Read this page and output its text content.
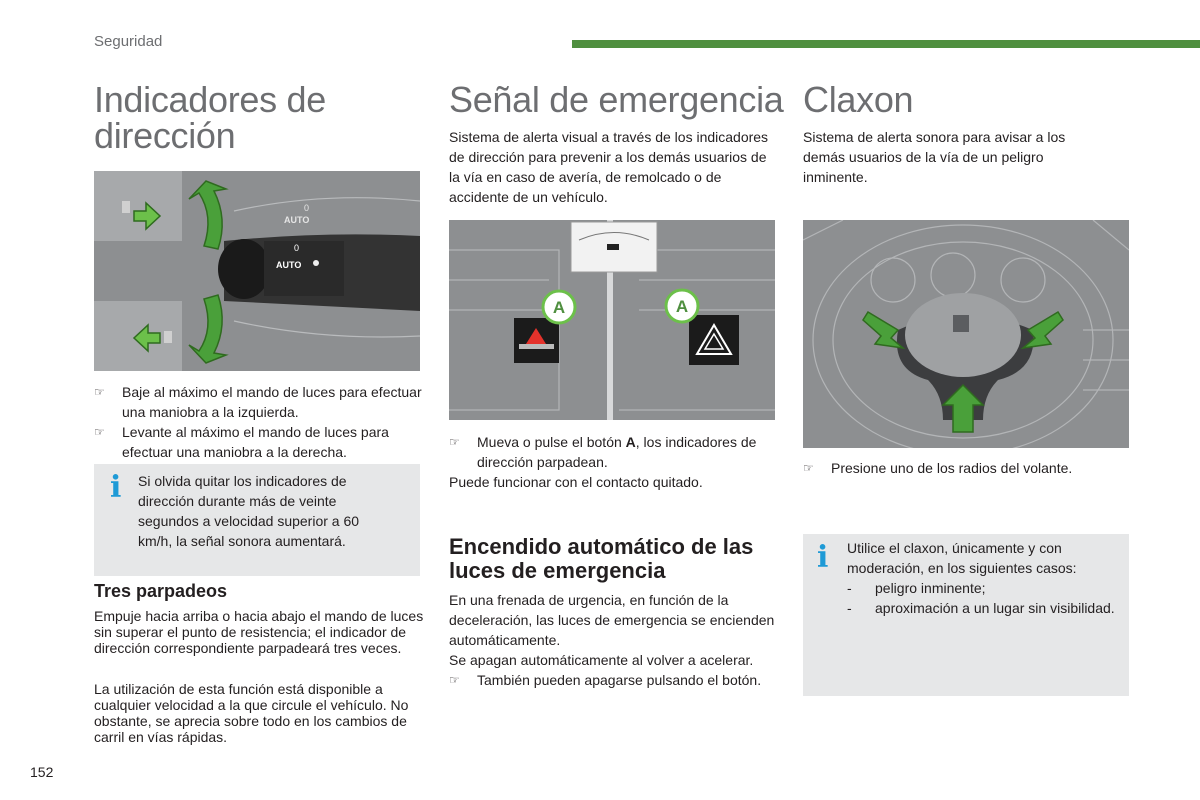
Seguridad
Indicadores de
dirección
AUTO
0
AUTO
0
☞ Baje al máximo el mando de luces para efectuar una maniobra a la izquierda.
☞ Levante al máximo el mando de luces para efectuar una maniobra a la derecha.
i Si olvida quitar los indicadores de dirección durante más de veinte segundos a velocidad superior a 60 km/h, la señal sonora aumentará.
Tres parpadeos
Empuje hacia arriba o hacia abajo el mando de luces sin superar el punto de resistencia; el indicador de dirección correspondiente parpadeará tres veces.
La utilización de esta función está disponible a cualquier velocidad a la que circule el vehículo. No obstante, se aprecia sobre todo en los cambios de carril en vías rápidas.
Señal de emergencia
Sistema de alerta visual a través de los indicadores de dirección para prevenir a los demás usuarios de la vía en caso de avería, de remolcado o de accidente de un vehículo.
A	A
☞ Mueva o pulse el botón A, los indicadores de dirección parpadean.
Puede funcionar con el contacto quitado.
Encendido automático de las luces de emergencia
En una frenada de urgencia, en función de la deceleración, las luces de emergencia se encienden automáticamente.
Se apagan automáticamente al volver a acelerar.
☞ También pueden apagarse pulsando el botón.
Claxon
Sistema de alerta sonora para avisar a los demás usuarios de la vía de un peligro inminente.
☞ Presione uno de los radios del volante.
i Utilice el claxon, únicamente y con moderación, en los siguientes casos:
- peligro inminente;
-	aproximación a un lugar sin visibilidad.
152
